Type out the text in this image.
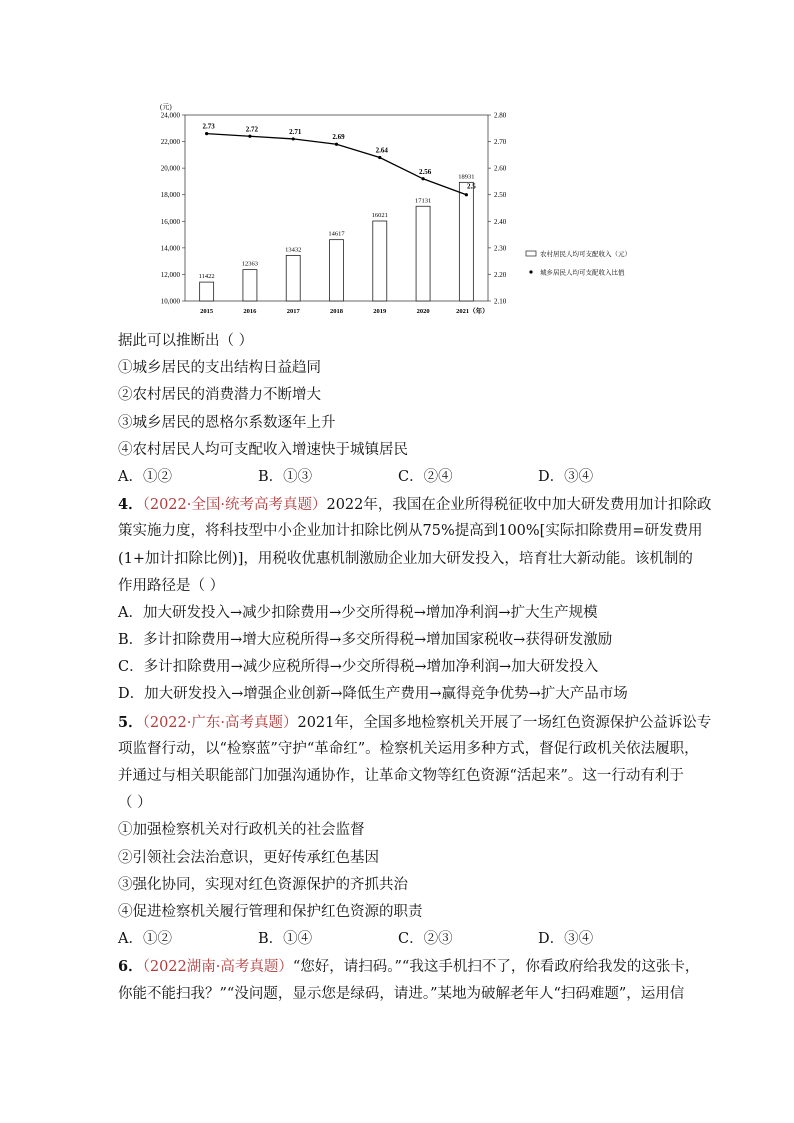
(元)
10,000
12,000
14,000
16,000
18,000
20,000
22,000
24,000
2.10
2.20
2.30
2.40
2.50
2.60
2.70
2.80
11422
12363
13432
14617
16021
17131
18931
2015	2016	2017	2018	2019	2020	2021（年）
2.73	2.72	2.71
2.69
2.64
2.56
2.5
农村居民人均可支配收入（元）
城乡居民人均可支配收入比值
据此可以推断出（ ）
①城乡居民的支出结构日益趋同
②农村居民的消费潜力不断增大
③城乡居民的恩格尔系数逐年上升
④农村居民人均可支配收入增速快于城镇居民
A．①②	B．①③	C．②④	D．③④
4．（2022·全国·统考高考真题）2022年，我国在企业所得税征收中加大研发费用加计扣除政
策实施力度，将科技型中小企业加计扣除比例从75%提高到100%[实际扣除费用=研发费用
(1+加计扣除比例)]，用税收优惠机制激励企业加大研发投入，培育壮大新动能。该机制的
作用路径是（ ）
A．加大研发投入→减少扣除费用→少交所得税→增加净利润→扩大生产规模
B．多计扣除费用→增大应税所得→多交所得税→增加国家税收→获得研发激励
C．多计扣除费用→减少应税所得→少交所得税→增加净利润→加大研发投入
D．加大研发投入→增强企业创新→降低生产费用→赢得竞争优势→扩大产品市场
5．（2022·广东·高考真题）2021年，全国多地检察机关开展了一场红色资源保护公益诉讼专
项监督行动，以“检察蓝”守护“革命红”。检察机关运用多种方式，督促行政机关依法履职，
并通过与相关职能部门加强沟通协作，让革命文物等红色资源“活起来”。这一行动有利于
（ ）
①加强检察机关对行政机关的社会监督
②引领社会法治意识，更好传承红色基因
③强化协同，实现对红色资源保护的齐抓共治
④促进检察机关履行管理和保护红色资源的职责
A．①②	B．①④	C．②③	D．③④
6．（2022湖南·高考真题）“您好，请扫码。”“我这手机扫不了，你看政府给我发的这张卡，
你能不能扫我？”“没问题，显示您是绿码，请进。”某地为破解老年人“扫码难题”，运用信
